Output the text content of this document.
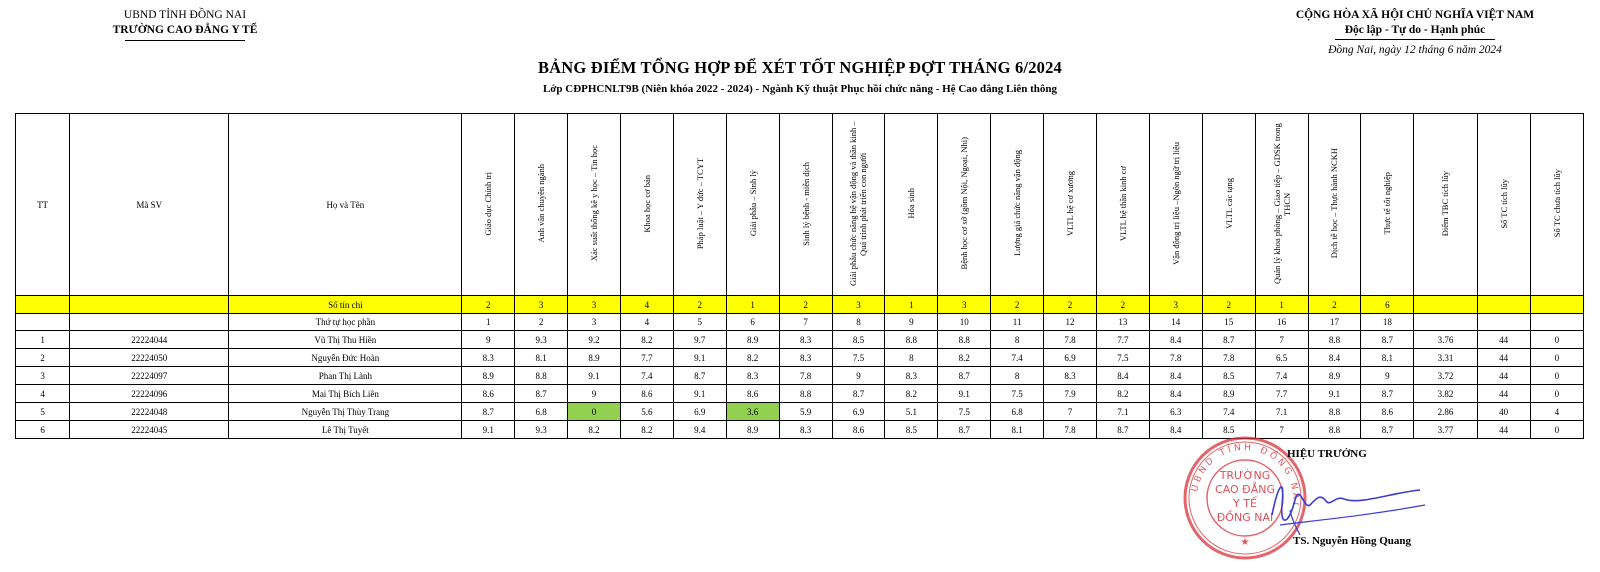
UBND TỈNH ĐỒNG NAI
TRƯỜNG CAO ĐẲNG Y TẾ
CỘNG HÒA XÃ HỘI CHỦ NGHĨA VIỆT NAM
Độc lập - Tự do - Hạnh phúc
Đồng Nai, ngày 12 tháng 6 năm 2024
BẢNG ĐIỂM TỔNG HỢP ĐỂ XÉT TỐT NGHIỆP ĐỢT THÁNG 6/2024
Lớp CĐPHCNLT9B (Niên khóa 2022 - 2024) - Ngành Kỹ thuật Phục hồi chức năng - Hệ Cao đẳng Liên thông
TT	Mã SV	Họ và Tên	Giáo dục Chính trị	Anh văn chuyên ngành	Xác suất thống kê y học – Tin học	Khoa học cơ bản	Pháp luật – Y đức – TCYT	Giải phẫu – Sinh lý	Sinh lý bệnh - miễn dịch	Giải phẫu chức năng hệ vận động và thần kinh – Quá trình phát triển con người	Hóa sinh	Bệnh học cơ sở (gồm Nội, Ngoại, Nhi)	Lượng giá chức năng vận động	VLTL hệ cơ xương	VLTL hệ thần kinh cơ	Vận động trị liệu –Ngôn ngữ trị liệu	VLTL các tạng	Quản lý khoa phòng – Giao tiếp – GDSK trong THCN	Dịch tễ học – Thực hành NCKH	Thực tế tốt nghiệp	Điểm TBC tích lũy	Số TC tích lũy	Số TC chưa tích lũy
		Số tín chỉ	2	3	3	4	2	1	2	3	1	3	2	2	2	3	2	1	2	6			
		Thứ tự học phần	1	2	3	4	5	6	7	8	9	10	11	12	13	14	15	16	17	18			
1	22224044	Vũ Thị Thu Hiền	9	9.3	9.2	8.2	9.7	8.9	8.3	8.5	8.8	8.8	8	7.8	7.7	8.4	8.7	7	8.8	8.7	3.76	44	0
2	22224050	Nguyễn Đức Hoàn	8.3	8.1	8.9	7.7	9.1	8.2	8.3	7.5	8	8.2	7.4	6.9	7.5	7.8	7.8	6.5	8.4	8.1	3.31	44	0
3	22224097	Phan Thị Lành	8.9	8.8	9.1	7.4	8.7	8.3	7.8	9	8.3	8.7	8	8.3	8.4	8.4	8.5	7.4	8.9	9	3.72	44	0
4	22224096	Mai Thị Bích Liên	8.6	8.7	9	8.6	9.1	8.6	8.8	8.7	8.2	9.1	7.5	7.9	8.2	8.4	8.9	7.7	9.1	8.7	3.82	44	0
5	22224048	Nguyễn Thị Thùy Trang	8.7	6.8	0	5.6	6.9	3.6	5.9	6.9	5.1	7.5	6.8	7	7.1	6.3	7.4	7.1	8.8	8.6	2.86	40	4
6	22224045	Lê Thị Tuyết	9.1	9.3	8.2	8.2	9.4	8.9	8.3	8.6	8.5	8.7	8.1	7.8	8.7	8.4	8.5	7	8.8	8.7	3.77	44	0
UBND TỈNH ĐỒNG NAI
TRƯỜNG
CAO ĐẲNG
Y TẾ
ĐỒNG NAI
★
HIỆU TRƯỞNG
TS. Nguyễn Hồng Quang
